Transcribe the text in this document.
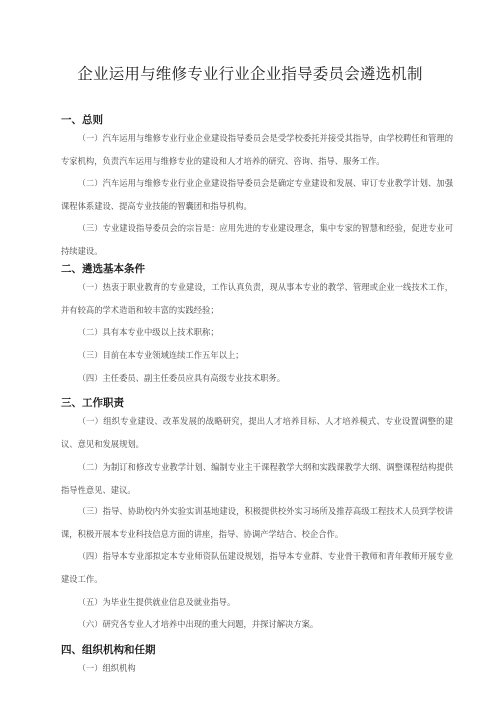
企业运用与维修专业行业企业指导委员会遴选机制
一、总则

（一）汽车运用与维修专业行业企业建设指导委员会是受学校委托并接受其指导，由学校聘任和管理的专家机构，负责汽车运用与维修专业的建设和人才培养的研究、咨询、指导、服务工作。

（二）汽车运用与维修专业行业企业建设指导委员会是确定专业建设和发展、审订专业教学计划、加强课程体系建设、提高专业技能的智囊团和指导机构。

（三）专业建设指导委员会的宗旨是：应用先进的专业建设理念，集中专家的智慧和经验，促进专业可持续建设。

二、遴选基本条件

（一）热衷于职业教育的专业建设，工作认真负责，现从事本专业的教学、管理或企业一线技术工作，并有较高的学术造诣和较丰富的实践经验；

（二）具有本专业中级以上技术职称；

（三）目前在本专业领域连续工作五年以上；

（四）主任委员、副主任委员应具有高级专业技术职务。

三、工作职责

（一）组织专业建设、改革发展的战略研究，提出人才培养目标、人才培养模式、专业设置调整的建议、意见和发展规划。

（二）为制订和修改专业教学计划、编制专业主干课程教学大纲和实践课教学大纲、调整课程结构提供指导性意见、建议。

（三）指导、协助校内外实验实训基地建设，积极提供校外实习场所及推荐高级工程技术人员到学校讲课，积极开展本专业科技信息方面的讲座，指导、协调产学结合、校企合作。

（四）指导本专业部拟定本专业师资队伍建设规划，指导本专业群、专业骨干教师和青年教师开展专业建设工作。

（五）为毕业生提供就业信息及就业指导。

（六）研究各专业人才培养中出现的重大问题，并探讨解决方案。

四、组织机构和任期

（一）组织机构
